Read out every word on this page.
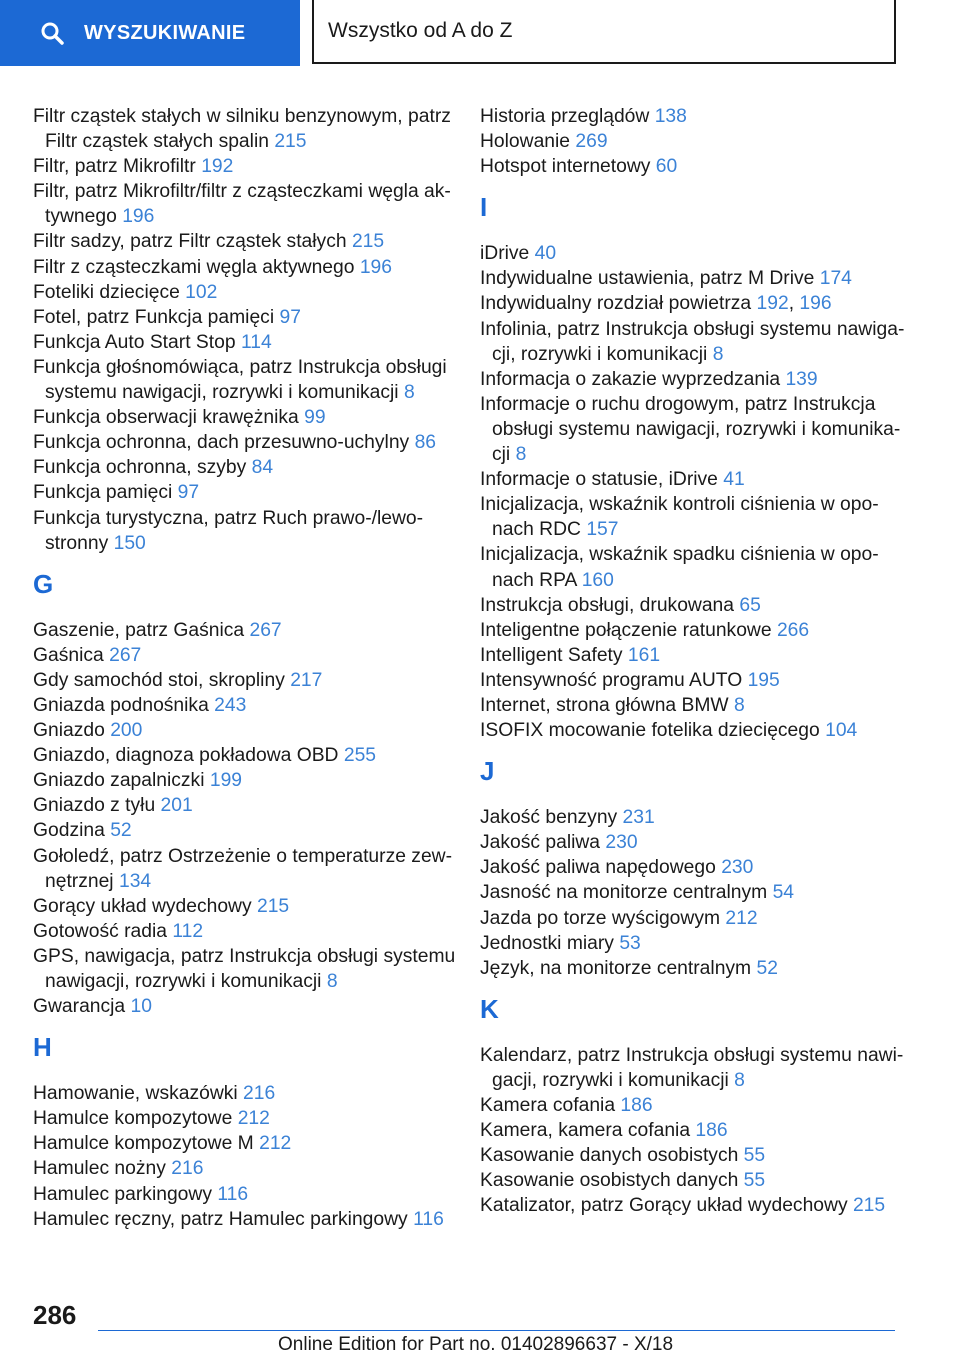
WYSZUKIWANIE	Wszystko od A do Z
Filtr cząstek stałych w silniku benzynowym, patrz
Filtr cząstek stałych spalin 215
Filtr, patrz Mikrofiltr 192
Filtr, patrz Mikrofiltr/filtr z cząsteczkami węgla ak-
tywnego 196
Filtr sadzy, patrz Filtr cząstek stałych 215
Filtr z cząsteczkami węgla aktywnego 196
Foteliki dziecięce 102
Fotel, patrz Funkcja pamięci 97
Funkcja Auto Start Stop 114
Funkcja głośnomówiąca, patrz Instrukcja obsługi
systemu nawigacji, rozrywki i komunikacji 8
Funkcja obserwacji krawężnika 99
Funkcja ochronna, dach przesuwno-uchylny 86
Funkcja ochronna, szyby 84
Funkcja pamięci 97
Funkcja turystyczna, patrz Ruch prawo-/lewo-
stronny 150
G
Gaszenie, patrz Gaśnica 267
Gaśnica 267
Gdy samochód stoi, skropliny 217
Gniazda podnośnika 243
Gniazdo 200
Gniazdo, diagnoza pokładowa OBD 255
Gniazdo zapalniczki 199
Gniazdo z tyłu 201
Godzina 52
Gołoledź, patrz Ostrzeżenie o temperaturze zew-
nętrznej 134
Gorący układ wydechowy 215
Gotowość radia 112
GPS, nawigacja, patrz Instrukcja obsługi systemu
nawigacji, rozrywki i komunikacji 8
Gwarancja 10
H
Hamowanie, wskazówki 216
Hamulce kompozytowe 212
Hamulce kompozytowe M 212
Hamulec nożny 216
Hamulec parkingowy 116
Hamulec ręczny, patrz Hamulec parkingowy 116
Historia przeglądów 138
Holowanie 269
Hotspot internetowy 60
I
iDrive 40
Indywidualne ustawienia, patrz M Drive 174
Indywidualny rozdział powietrza 192, 196
Infolinia, patrz Instrukcja obsługi systemu nawiga-
cji, rozrywki i komunikacji 8
Informacja o zakazie wyprzedzania 139
Informacje o ruchu drogowym, patrz Instrukcja
obsługi systemu nawigacji, rozrywki i komunika-
cji 8
Informacje o statusie, iDrive 41
Inicjalizacja, wskaźnik kontroli ciśnienia w opo-
nach RDC 157
Inicjalizacja, wskaźnik spadku ciśnienia w opo-
nach RPA 160
Instrukcja obsługi, drukowana 65
Inteligentne połączenie ratunkowe 266
Intelligent Safety 161
Intensywność programu AUTO 195
Internet, strona główna BMW 8
ISOFIX mocowanie fotelika dziecięcego 104
J
Jakość benzyny 231
Jakość paliwa 230
Jakość paliwa napędowego 230
Jasność na monitorze centralnym 54
Jazda po torze wyścigowym 212
Jednostki miary 53
Język, na monitorze centralnym 52
K
Kalendarz, patrz Instrukcja obsługi systemu nawi-
gacji, rozrywki i komunikacji 8
Kamera cofania 186
Kamera, kamera cofania 186
Kasowanie danych osobistych 55
Kasowanie osobistych danych 55
Katalizator, patrz Gorący układ wydechowy 215
286
Online Edition for Part no. 01402896637 - X/18
